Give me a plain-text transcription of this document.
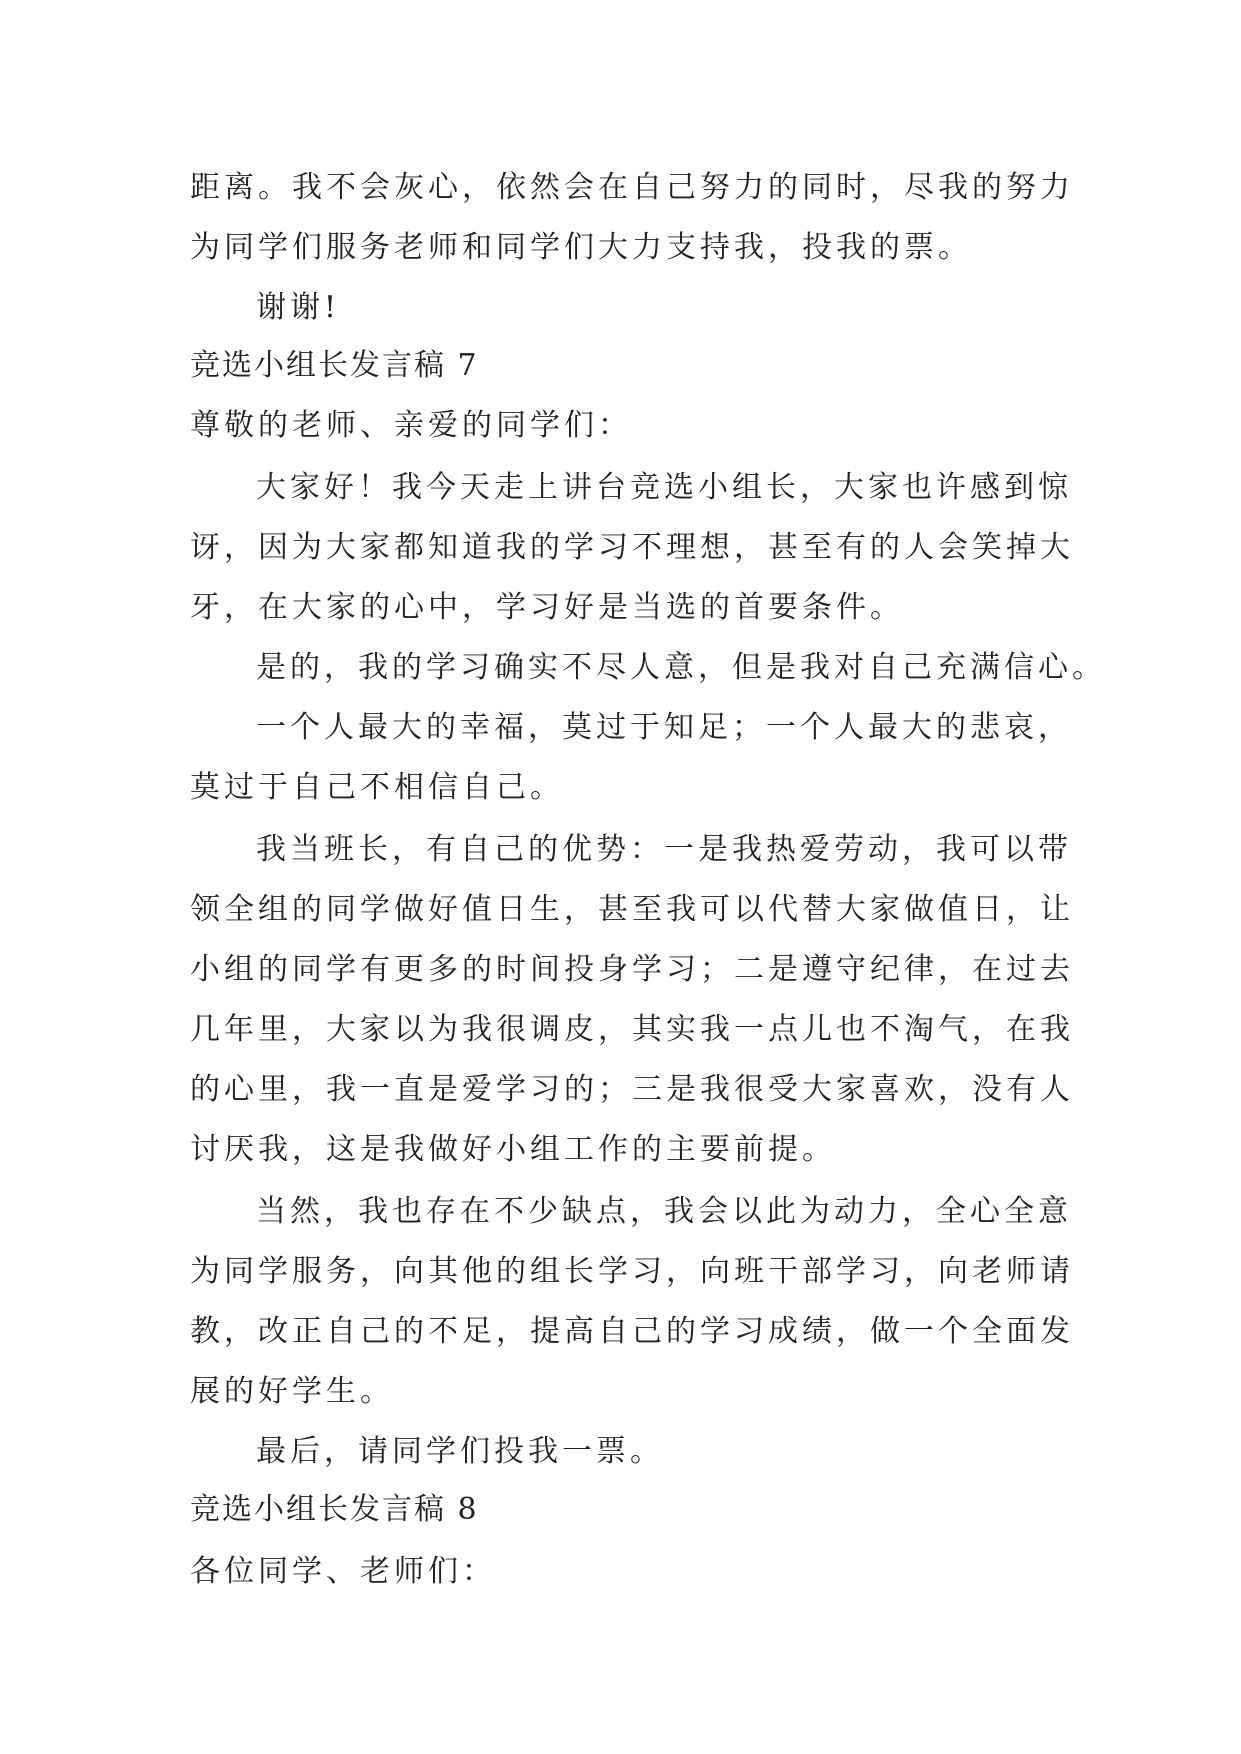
距离。我不会灰心，依然会在自己努力的同时，尽我的努力
为同学们服务老师和同学们大力支持我，投我的票。
谢谢!
竞选小组长发言稿 7
尊敬的老师、亲爱的同学们：
大家好！我今天走上讲台竞选小组长，大家也许感到惊
讶，因为大家都知道我的学习不理想，甚至有的人会笑掉大
牙，在大家的心中，学习好是当选的首要条件。
是的，我的学习确实不尽人意，但是我对自己充满信心。
一个人最大的幸福，莫过于知足；一个人最大的悲哀，
莫过于自己不相信自己。
我当班长，有自己的优势：一是我热爱劳动，我可以带
领全组的同学做好值日生，甚至我可以代替大家做值日，让
小组的同学有更多的时间投身学习；二是遵守纪律，在过去
几年里，大家以为我很调皮，其实我一点儿也不淘气，在我
的心里，我一直是爱学习的；三是我很受大家喜欢，没有人
讨厌我，这是我做好小组工作的主要前提。
当然，我也存在不少缺点，我会以此为动力，全心全意
为同学服务，向其他的组长学习，向班干部学习，向老师请
教，改正自己的不足，提高自己的学习成绩，做一个全面发
展的好学生。
最后，请同学们投我一票。
竞选小组长发言稿 8
各位同学、老师们：
